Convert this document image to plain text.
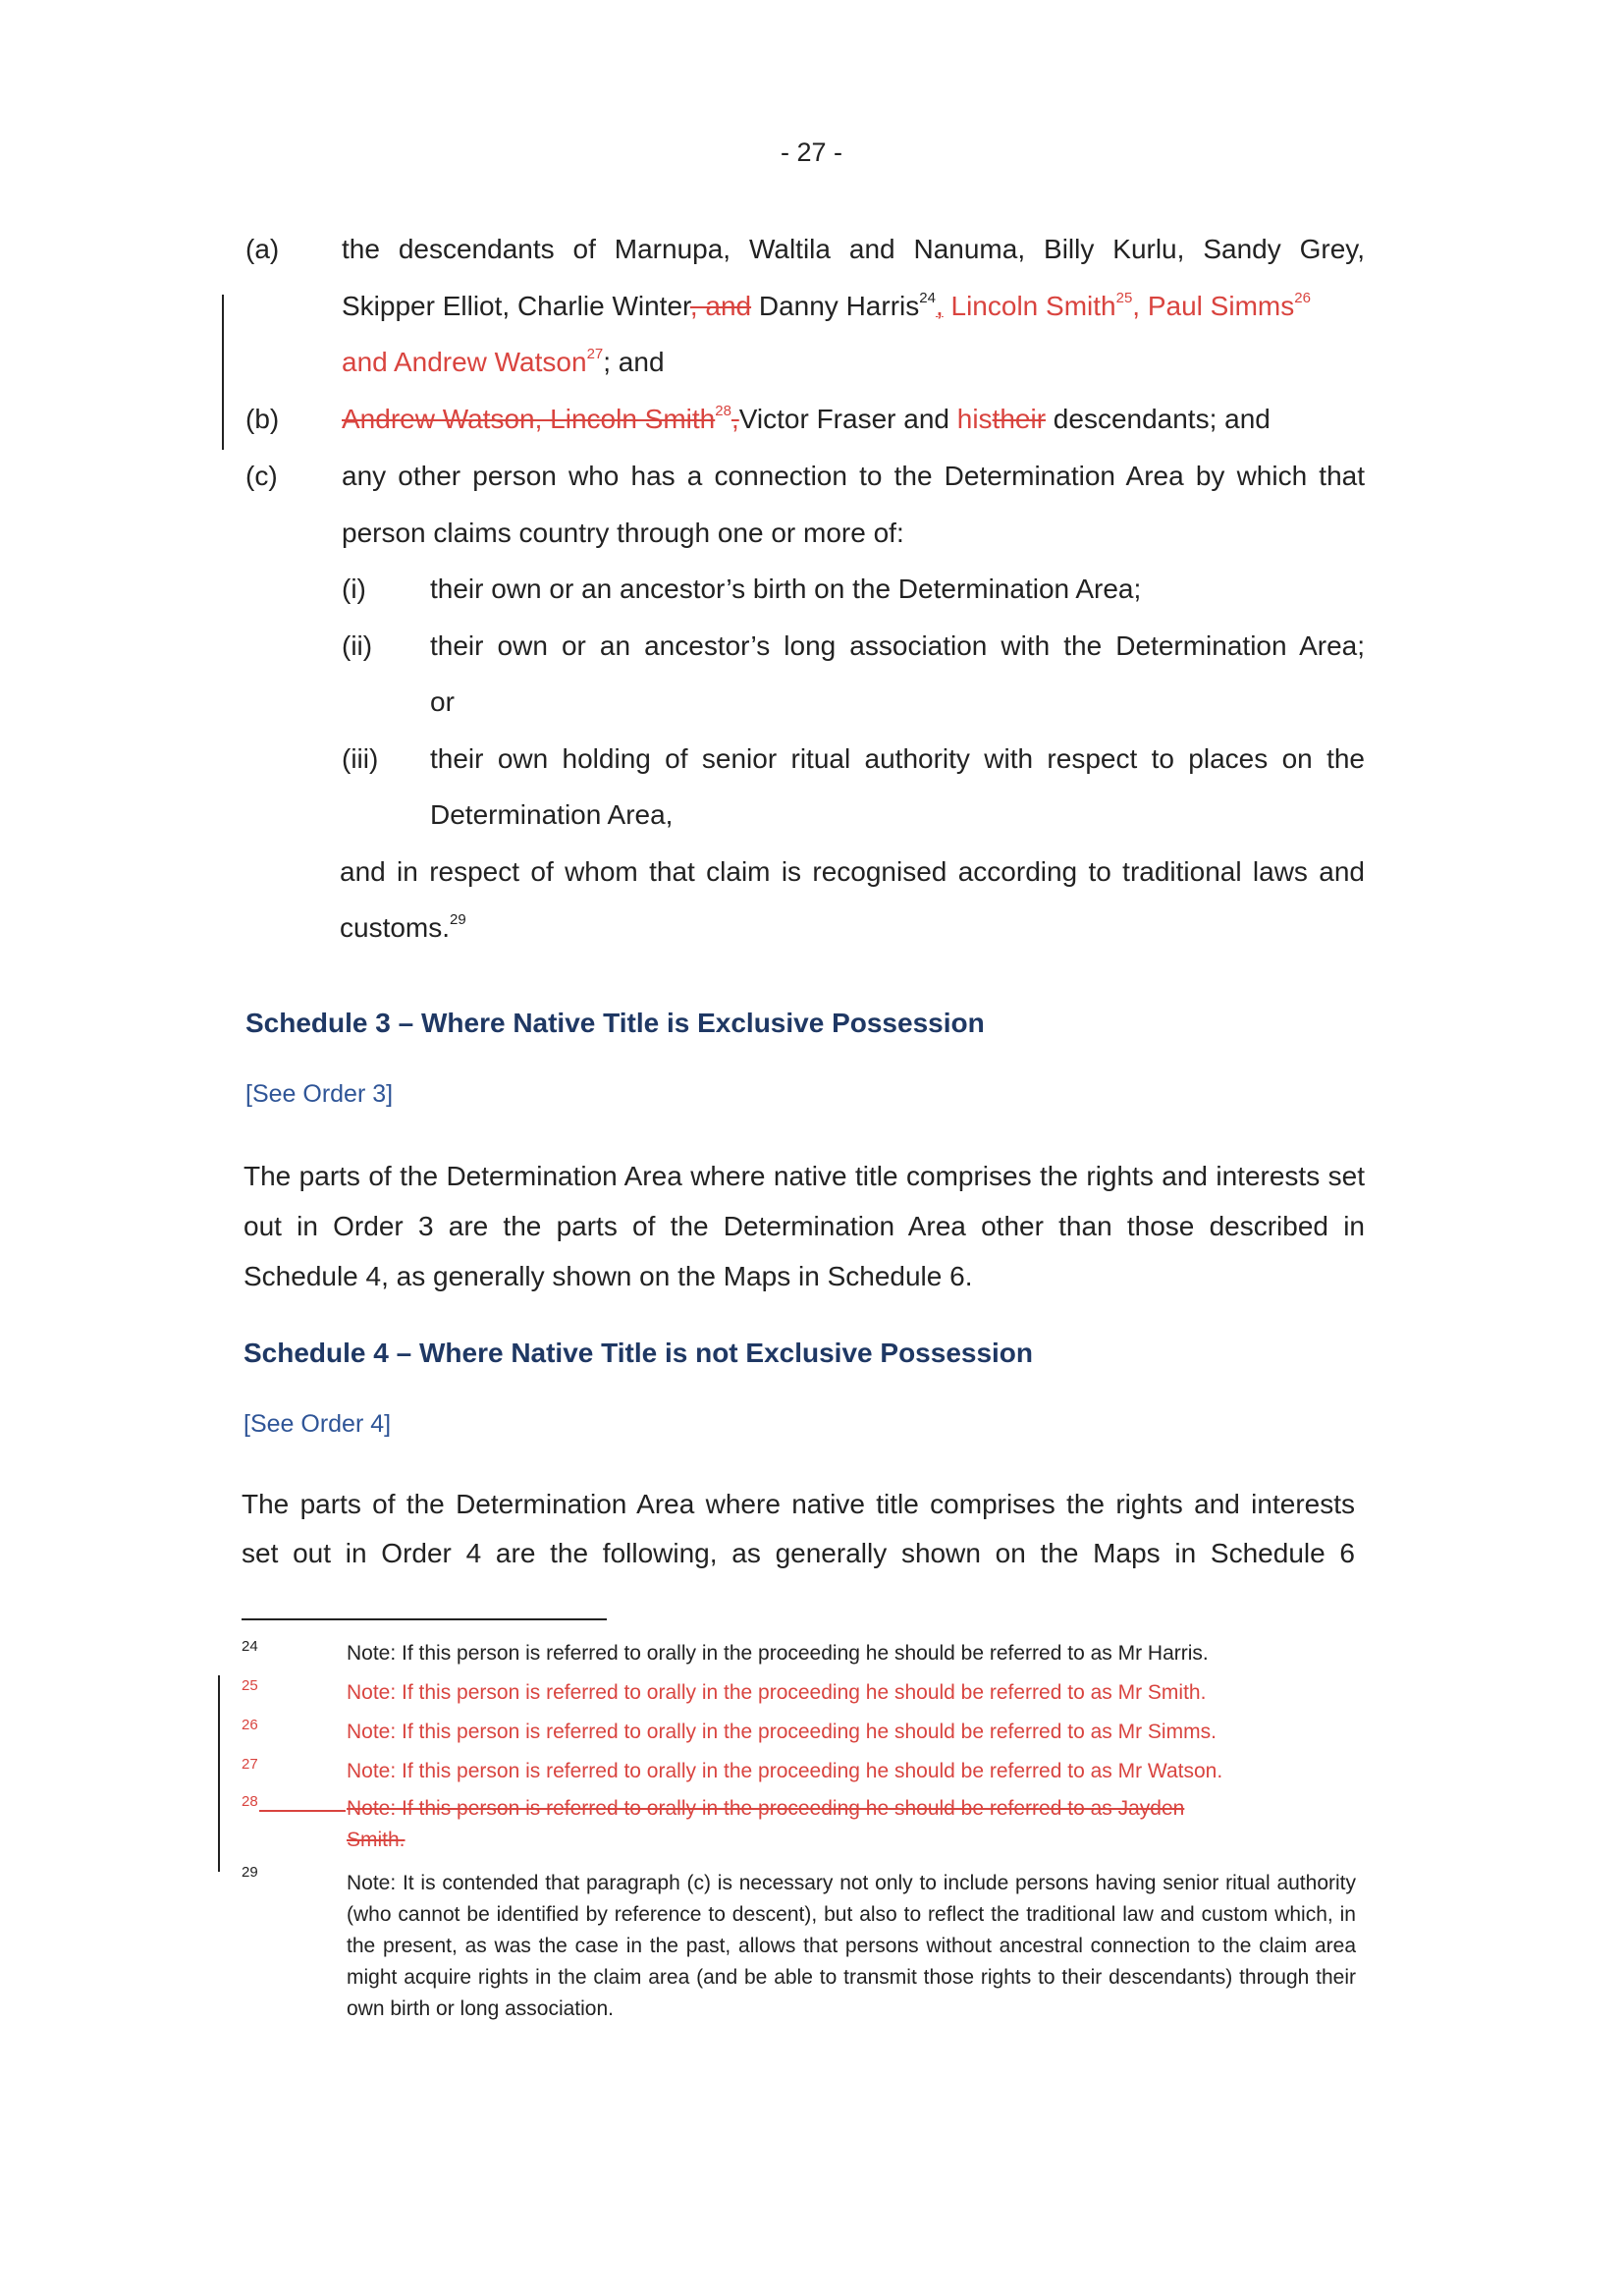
- 27 -
(a) the descendants of Marnupa, Waltila and Nanuma, Billy Kurlu, Sandy Grey,
Skipper Elliot, Charlie Winter, and Danny Harris$^{24}$, Lincoln Smith$^{25}$, Paul Simms$^{26}$
and Andrew Watson$^{27}$; and
(b) Andrew Watson, Lincoln Smith$^{28}$,Victor Fraser and histheir descendants; and
(c) any other person who has a connection to the Determination Area by which that
person claims country through one or more of:
(i) their own or an ancestor’s birth on the Determination Area;
(ii) their own or an ancestor’s long association with the Determination Area;
or
(iii) their own holding of senior ritual authority with respect to places on the
Determination Area,
and in respect of whom that claim is recognised according to traditional laws and
customs.$^{29}$
Schedule 3 – Where Native Title is Exclusive Possession
[See Order 3]
The parts of the Determination Area where native title comprises the rights and interests set out in Order 3 are the parts of the Determination Area other than those described in Schedule 4, as generally shown on the Maps in Schedule 6.
Schedule 4 – Where Native Title is not Exclusive Possession
[See Order 4]
The parts of the Determination Area where native title comprises the rights and interests
set out in Order 4 are the following, as generally shown on the Maps in Schedule 6
24	Note: If this person is referred to orally in the proceeding he should be referred to as Mr Harris.
25	Note: If this person is referred to orally in the proceeding he should be referred to as Mr Smith.
26	Note: If this person is referred to orally in the proceeding he should be referred to as Mr Simms.
27	Note: If this person is referred to orally in the proceeding he should be referred to as Mr Watson.
28	Note: If this person is referred to orally in the proceeding he should be referred to as Jayden
Smith.
29	Note: It is contended that paragraph (c) is necessary not only to include persons having senior ritual authority (who cannot be identified by reference to descent), but also to reflect the traditional law and custom which, in the present, as was the case in the past, allows that persons without ancestral connection to the claim area might acquire rights in the claim area (and be able to transmit those rights to their descendants) through their own birth or long association.
